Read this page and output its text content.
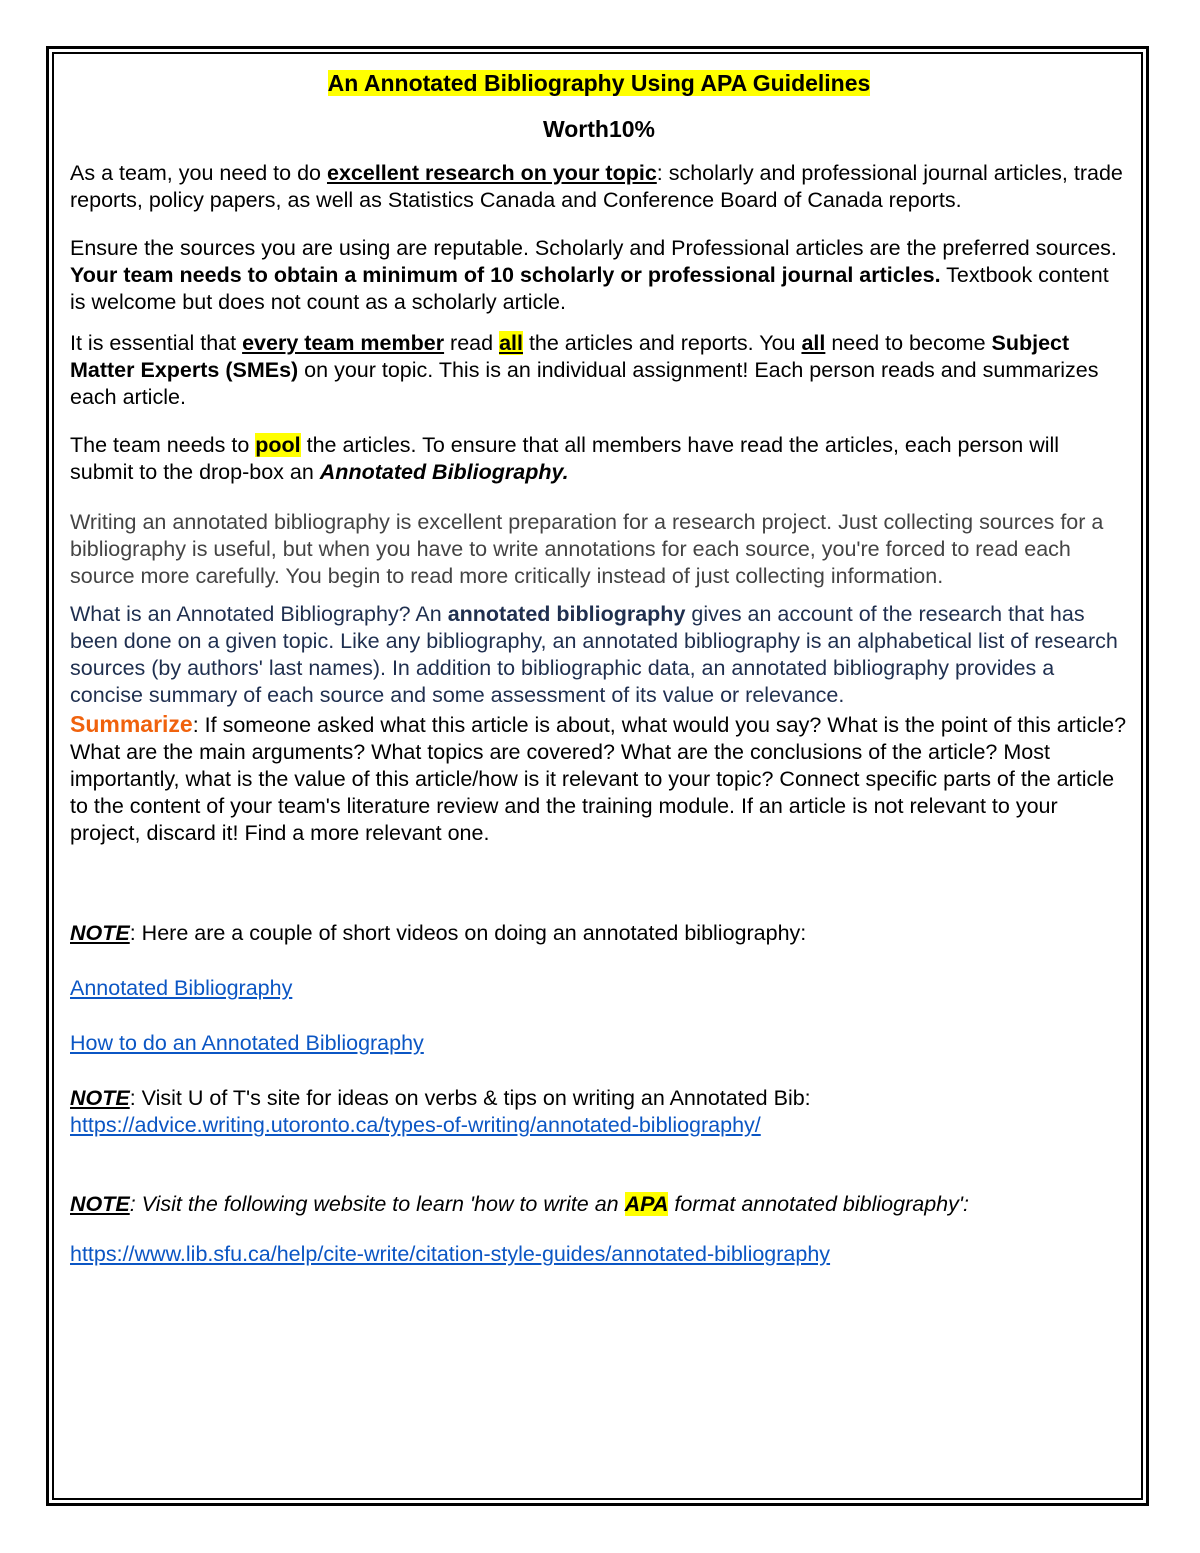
An Annotated Bibliography Using APA Guidelines
Worth10%

As a team, you need to do excellent research on your topic: scholarly and professional journal articles, trade reports, policy papers, as well as Statistics Canada and Conference Board of Canada reports.

Ensure the sources you are using are reputable. Scholarly and Professional articles are the preferred sources. Your team needs to obtain a minimum of 10 scholarly or professional journal articles. Textbook content is welcome but does not count as a scholarly article.

It is essential that every team member read all the articles and reports. You all need to become Subject Matter Experts (SMEs) on your topic. This is an individual assignment! Each person reads and summarizes each article.

The team needs to pool the articles. To ensure that all members have read the articles, each person will submit to the drop-box an Annotated Bibliography.

Writing an annotated bibliography is excellent preparation for a research project. Just collecting sources for a bibliography is useful, but when you have to write annotations for each source, you're forced to read each source more carefully. You begin to read more critically instead of just collecting information.

What is an Annotated Bibliography? An annotated bibliography gives an account of the research that has been done on a given topic. Like any bibliography, an annotated bibliography is an alphabetical list of research sources (by authors' last names). In addition to bibliographic data, an annotated bibliography provides a concise summary of each source and some assessment of its value or relevance.

Summarize: If someone asked what this article is about, what would you say? What is the point of this article? What are the main arguments? What topics are covered? What are the conclusions of the article? Most importantly, what is the value of this article/how is it relevant to your topic? Connect specific parts of the article to the content of your team's literature review and the training module. If an article is not relevant to your project, discard it! Find a more relevant one.

NOTE: Here are a couple of short videos on doing an annotated bibliography:

Annotated Bibliography

How to do an Annotated Bibliography

NOTE: Visit U of T's site for ideas on verbs & tips on writing an Annotated Bib:
https://advice.writing.utoronto.ca/types-of-writing/annotated-bibliography/

NOTE: Visit the following website to learn 'how to write an APA format annotated bibliography':

https://www.lib.sfu.ca/help/cite-write/citation-style-guides/annotated-bibliography
